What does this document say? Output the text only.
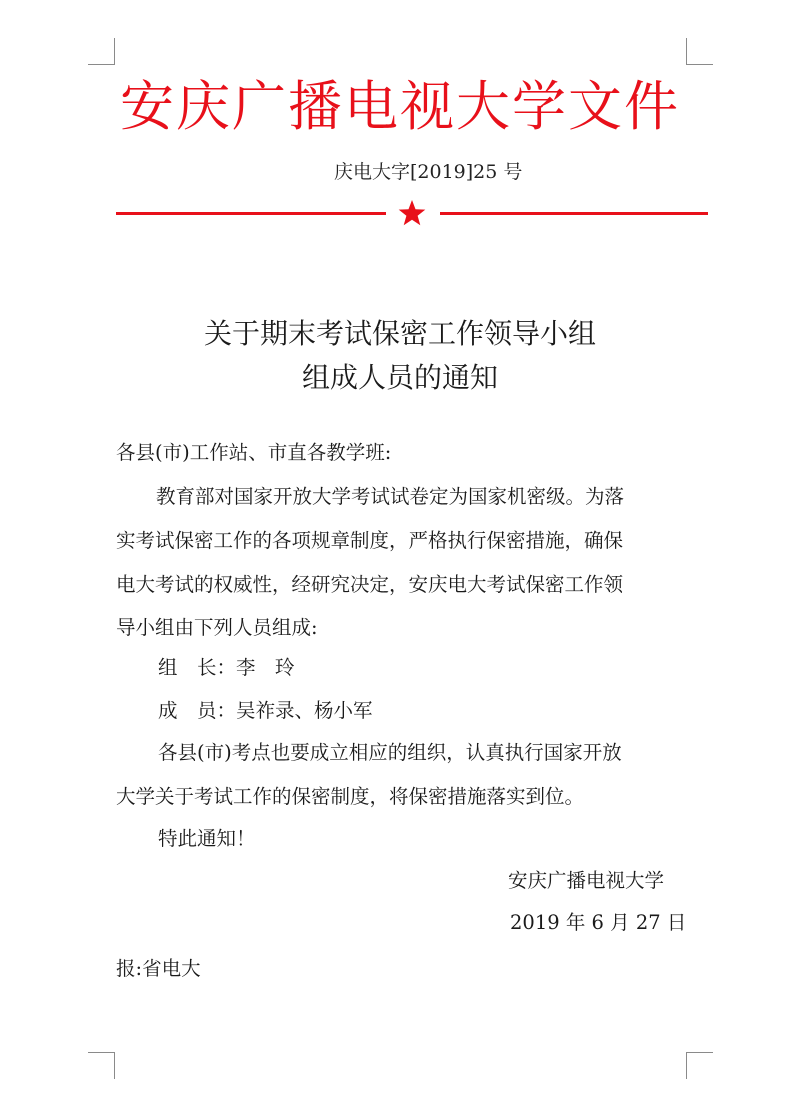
安庆广播电视大学文件
庆电大字[2019]25 号
关于期末考试保密工作领导小组
组成人员的通知
各县(市)工作站、市直各教学班:
教育部对国家开放大学考试试卷定为国家机密级。为落
实考试保密工作的各项规章制度，严格执行保密措施，确保
电大考试的权威性，经研究决定，安庆电大考试保密工作领
导小组由下列人员组成:
组　长：李　玲
成　员：吴祚录、杨小军
各县(市)考点也要成立相应的组织，认真执行国家开放
大学关于考试工作的保密制度，将保密措施落实到位。
特此通知！
安庆广播电视大学
2019 年 6 月 27 日
报:省电大
